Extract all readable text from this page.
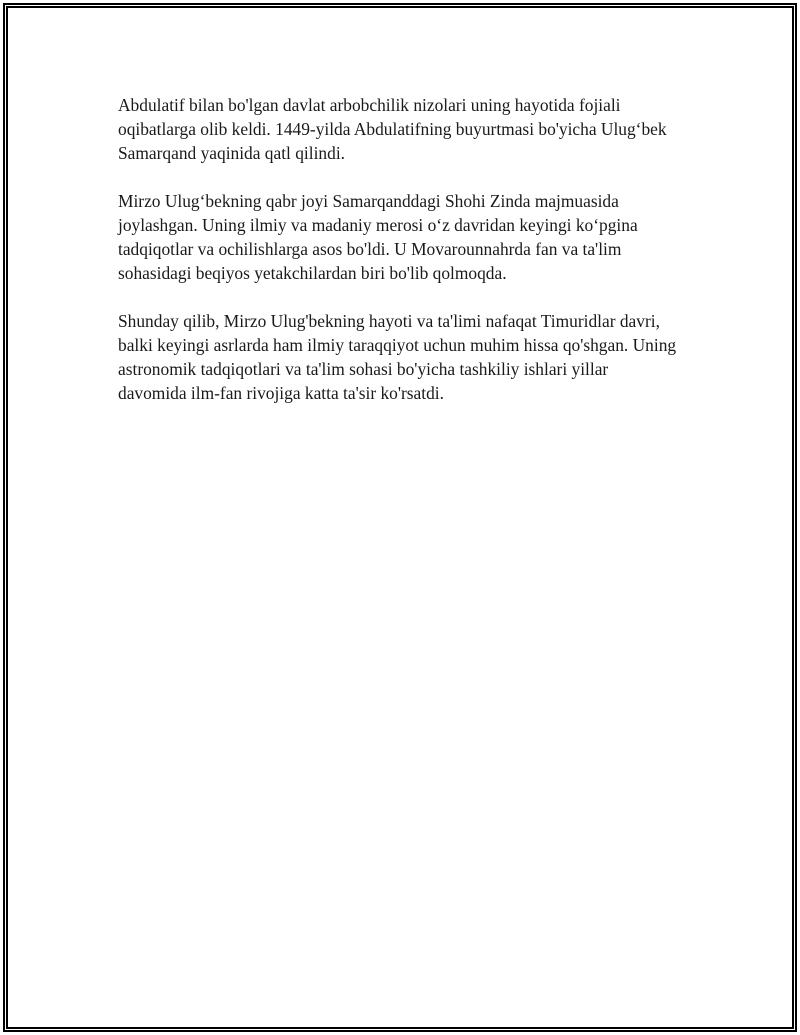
Abdulatif bilan bo'lgan davlat arbobchilik nizolari uning hayotida fojiali oqibatlarga olib keldi. 1449-yilda Abdulatifning buyurtmasi bo'yicha Ulug‘bek Samarqand yaqinida qatl qilindi.

Mirzo Ulug‘bekning qabr joyi Samarqanddagi Shohi Zinda majmuasida joylashgan. Uning ilmiy va madaniy merosi o‘z davridan keyingi ko‘pgina tadqiqotlar va ochilishlarga asos bo'ldi. U Movarounnahrda fan va ta'lim sohasidagi beqiyos yetakchilardan biri bo'lib qolmoqda.

Shunday qilib, Mirzo Ulug'bekning hayoti va ta'limi nafaqat Timuridlar davri, balki keyingi asrlarda ham ilmiy taraqqiyot uchun muhim hissa qo'shgan. Uning astronomik tadqiqotlari va ta'lim sohasi bo'yicha tashkiliy ishlari yillar davomida ilm-fan rivojiga katta ta'sir ko'rsatdi.
